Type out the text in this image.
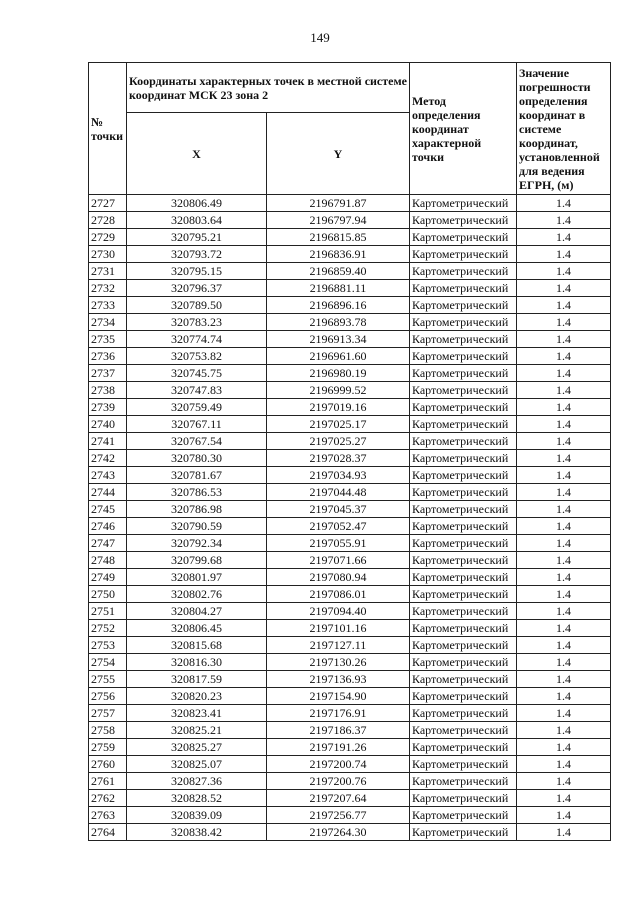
149
№ точки	Координаты характерных точек в местной системе координат МСК 23 зона 2		Метод определения координат характерной точки	Значение погрешности определения координат в системе координат, установленной для ведения ЕГРН, (м)
	X	Y		
2727	320806.49	2196791.87	Картометрический	1.4
2728	320803.64	2196797.94	Картометрический	1.4
2729	320795.21	2196815.85	Картометрический	1.4
2730	320793.72	2196836.91	Картометрический	1.4
2731	320795.15	2196859.40	Картометрический	1.4
2732	320796.37	2196881.11	Картометрический	1.4
2733	320789.50	2196896.16	Картометрический	1.4
2734	320783.23	2196893.78	Картометрический	1.4
2735	320774.74	2196913.34	Картометрический	1.4
2736	320753.82	2196961.60	Картометрический	1.4
2737	320745.75	2196980.19	Картометрический	1.4
2738	320747.83	2196999.52	Картометрический	1.4
2739	320759.49	2197019.16	Картометрический	1.4
2740	320767.11	2197025.17	Картометрический	1.4
2741	320767.54	2197025.27	Картометрический	1.4
2742	320780.30	2197028.37	Картометрический	1.4
2743	320781.67	2197034.93	Картометрический	1.4
2744	320786.53	2197044.48	Картометрический	1.4
2745	320786.98	2197045.37	Картометрический	1.4
2746	320790.59	2197052.47	Картометрический	1.4
2747	320792.34	2197055.91	Картометрический	1.4
2748	320799.68	2197071.66	Картометрический	1.4
2749	320801.97	2197080.94	Картометрический	1.4
2750	320802.76	2197086.01	Картометрический	1.4
2751	320804.27	2197094.40	Картометрический	1.4
2752	320806.45	2197101.16	Картометрический	1.4
2753	320815.68	2197127.11	Картометрический	1.4
2754	320816.30	2197130.26	Картометрический	1.4
2755	320817.59	2197136.93	Картометрический	1.4
2756	320820.23	2197154.90	Картометрический	1.4
2757	320823.41	2197176.91	Картометрический	1.4
2758	320825.21	2197186.37	Картометрический	1.4
2759	320825.27	2197191.26	Картометрический	1.4
2760	320825.07	2197200.74	Картометрический	1.4
2761	320827.36	2197200.76	Картометрический	1.4
2762	320828.52	2197207.64	Картометрический	1.4
2763	320839.09	2197256.77	Картометрический	1.4
2764	320838.42	2197264.30	Картометрический	1.4
